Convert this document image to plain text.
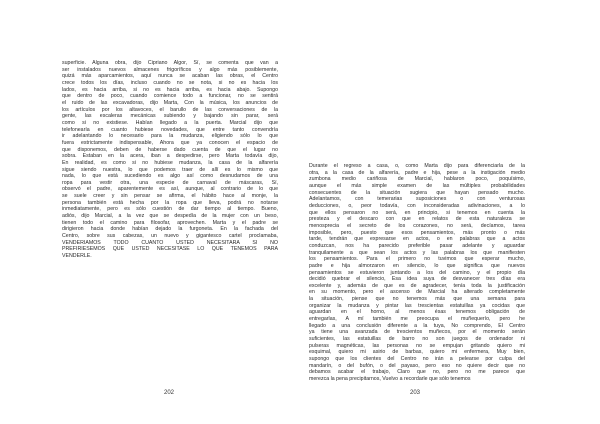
superficie. Alguna obra, dijo Cipriano Algor, Sí, se comenta que van a
ser instalados nuevos almacenes frigoríficos y algo más posiblemente,
quizá más aparcamientos, aquí nunca se acaban las obras, el Centro
crece todos los días, incluso cuando no se nota, si no es hacia los
lados, es hacia arriba, si no es hacia arriba, es hacia abajo. Supongo
que dentro de poco, cuando comience todo a funcionar, no se sentirá
el ruido de las excavadoras, dijo Marta, Con la música, los anuncios de
los artículos por los altavoces, el barullo de las conversaciones de la
gente, las escaleras mecánicas subiendo y bajando sin parar, será
como si no existiese. Habían llegado a la puerta. Marcial dijo que
telefonearía en cuanto hubiese novedades, que entre tanto convendría
ir adelantando lo necesario para la mudanza, eligiendo sólo lo que
fuera estrictamente indispensable, Ahora que ya conocen el espacio de
que disponemos, deben de haberse dado cuenta de que el lugar no
sobra. Estaban en la acera, iban a despedirse, pero Marta todavía dijo,
En realidad, es como si no hubiese mudanza, la casa de la alfarería
sigue siendo nuestra, lo que podemos traer de allí es lo mismo que
nada, lo que está sucediendo es algo así como desnudarnos de una
ropa para vestir otra, una especie de carnaval de máscaras, Sí,
observó el padre, aparentemente es así, aunque, al contrario de lo que
se suele creer y sin pensar se afirma, el hábito hace al monje, la
persona también está hecha por la ropa que lleva, podrá no notarse
inmediatamente, pero es sólo cuestión de dar tiempo al tiempo. Bueno,
adiós, dijo Marcial, a la vez que se despedía de la mujer con un beso,
tienen todo el camino para filosofar, aprovechen. Marta y el padre se
dirigieron hacia donde habían dejado la furgoneta. En la fachada del
Centro, sobre sus cabezas, un nuevo y gigantesco cartel proclamaba,
VENDERÍAMOS TODO CUANTO USTED NECESITARA SI NO
PREFIRIÉSEMOS QUE USTED NECESITASE LO QUE TENEMOS PARA
VENDERLE.
202
Durante el regreso a casa, o, como Marta dijo para diferenciarla de la
otra, a la casa de la alfarería, padre e hija, pese a la instigación medio
zumbona medio cariñosa de Marcial, hablaron poco, poquísimo,
aunque el más simple examen de las múltiples probabilidades
consecuentes de la situación sugiera que hayan pensado mucho.
Adelantamos, con temerarias suposiciones o con venturosas
deducciones, o, peor todavía, con inconsideradas adivinaciones, a lo
que ellos pensaron no será, en principio, si tenemos en cuenta la
presteza y el descaro con que en relatos de esta naturaleza se
menosprecia el secreto de los corazones, no será, decíamos, tarea
imposible, pero, puesto que esos pensamientos, más pronto o más
tarde, tendrán que expresarse en actos, o en palabras que a actos
conduzcan, nos ha parecido preferible pasar adelante y aguardar
tranquilamente a que sean los actos y las palabras los que manifiesten
los pensamientos. Para el primero no tuvimos que esperar mucho,
padre e hija almorzaron en silencio, lo que significa que nuevos
pensamientos se estuvieron juntando a los del camino, y el propio día
decidió quebrar el silencio, Esa idea suya de desvanecer tres días era
excelente y, además de que es de agradecer, tenía toda la justificación
en su momento, pero el ascenso de Marcial ha alterado completamente
la situación, piense que no tenemos más que una semana para
organizar la mudanza y pintar las trescientas estatuillas ya cocidas que
aguardan en el horno, al menos ésas tenemos obligación de
entregarlas, A mí también me preocupa el muñequerío, pero he
llegado a una conclusión diferente a la tuya, No comprendo, El Centro
ya tiene una avanzada de trescientos muñecos, por el momento serán
suficientes, las estatuillas de barro no son juegos de ordenador ni
pulseras magnéticas, las personas no se empujan gritando quiero mi
esquimal, quiero mi asirio de barbas, quiero mi enfermera, Muy bien,
supongo que los clientes del Centro no irán a pelearse por culpa del
mandarín, o del bufón, o del payaso, pero eso no quiere decir que no
debamos acabar el trabajo, Claro que no, pero no me parece que
merezca la pena precipitarnos, Vuelvo a recordarle que sólo tenemos
203
